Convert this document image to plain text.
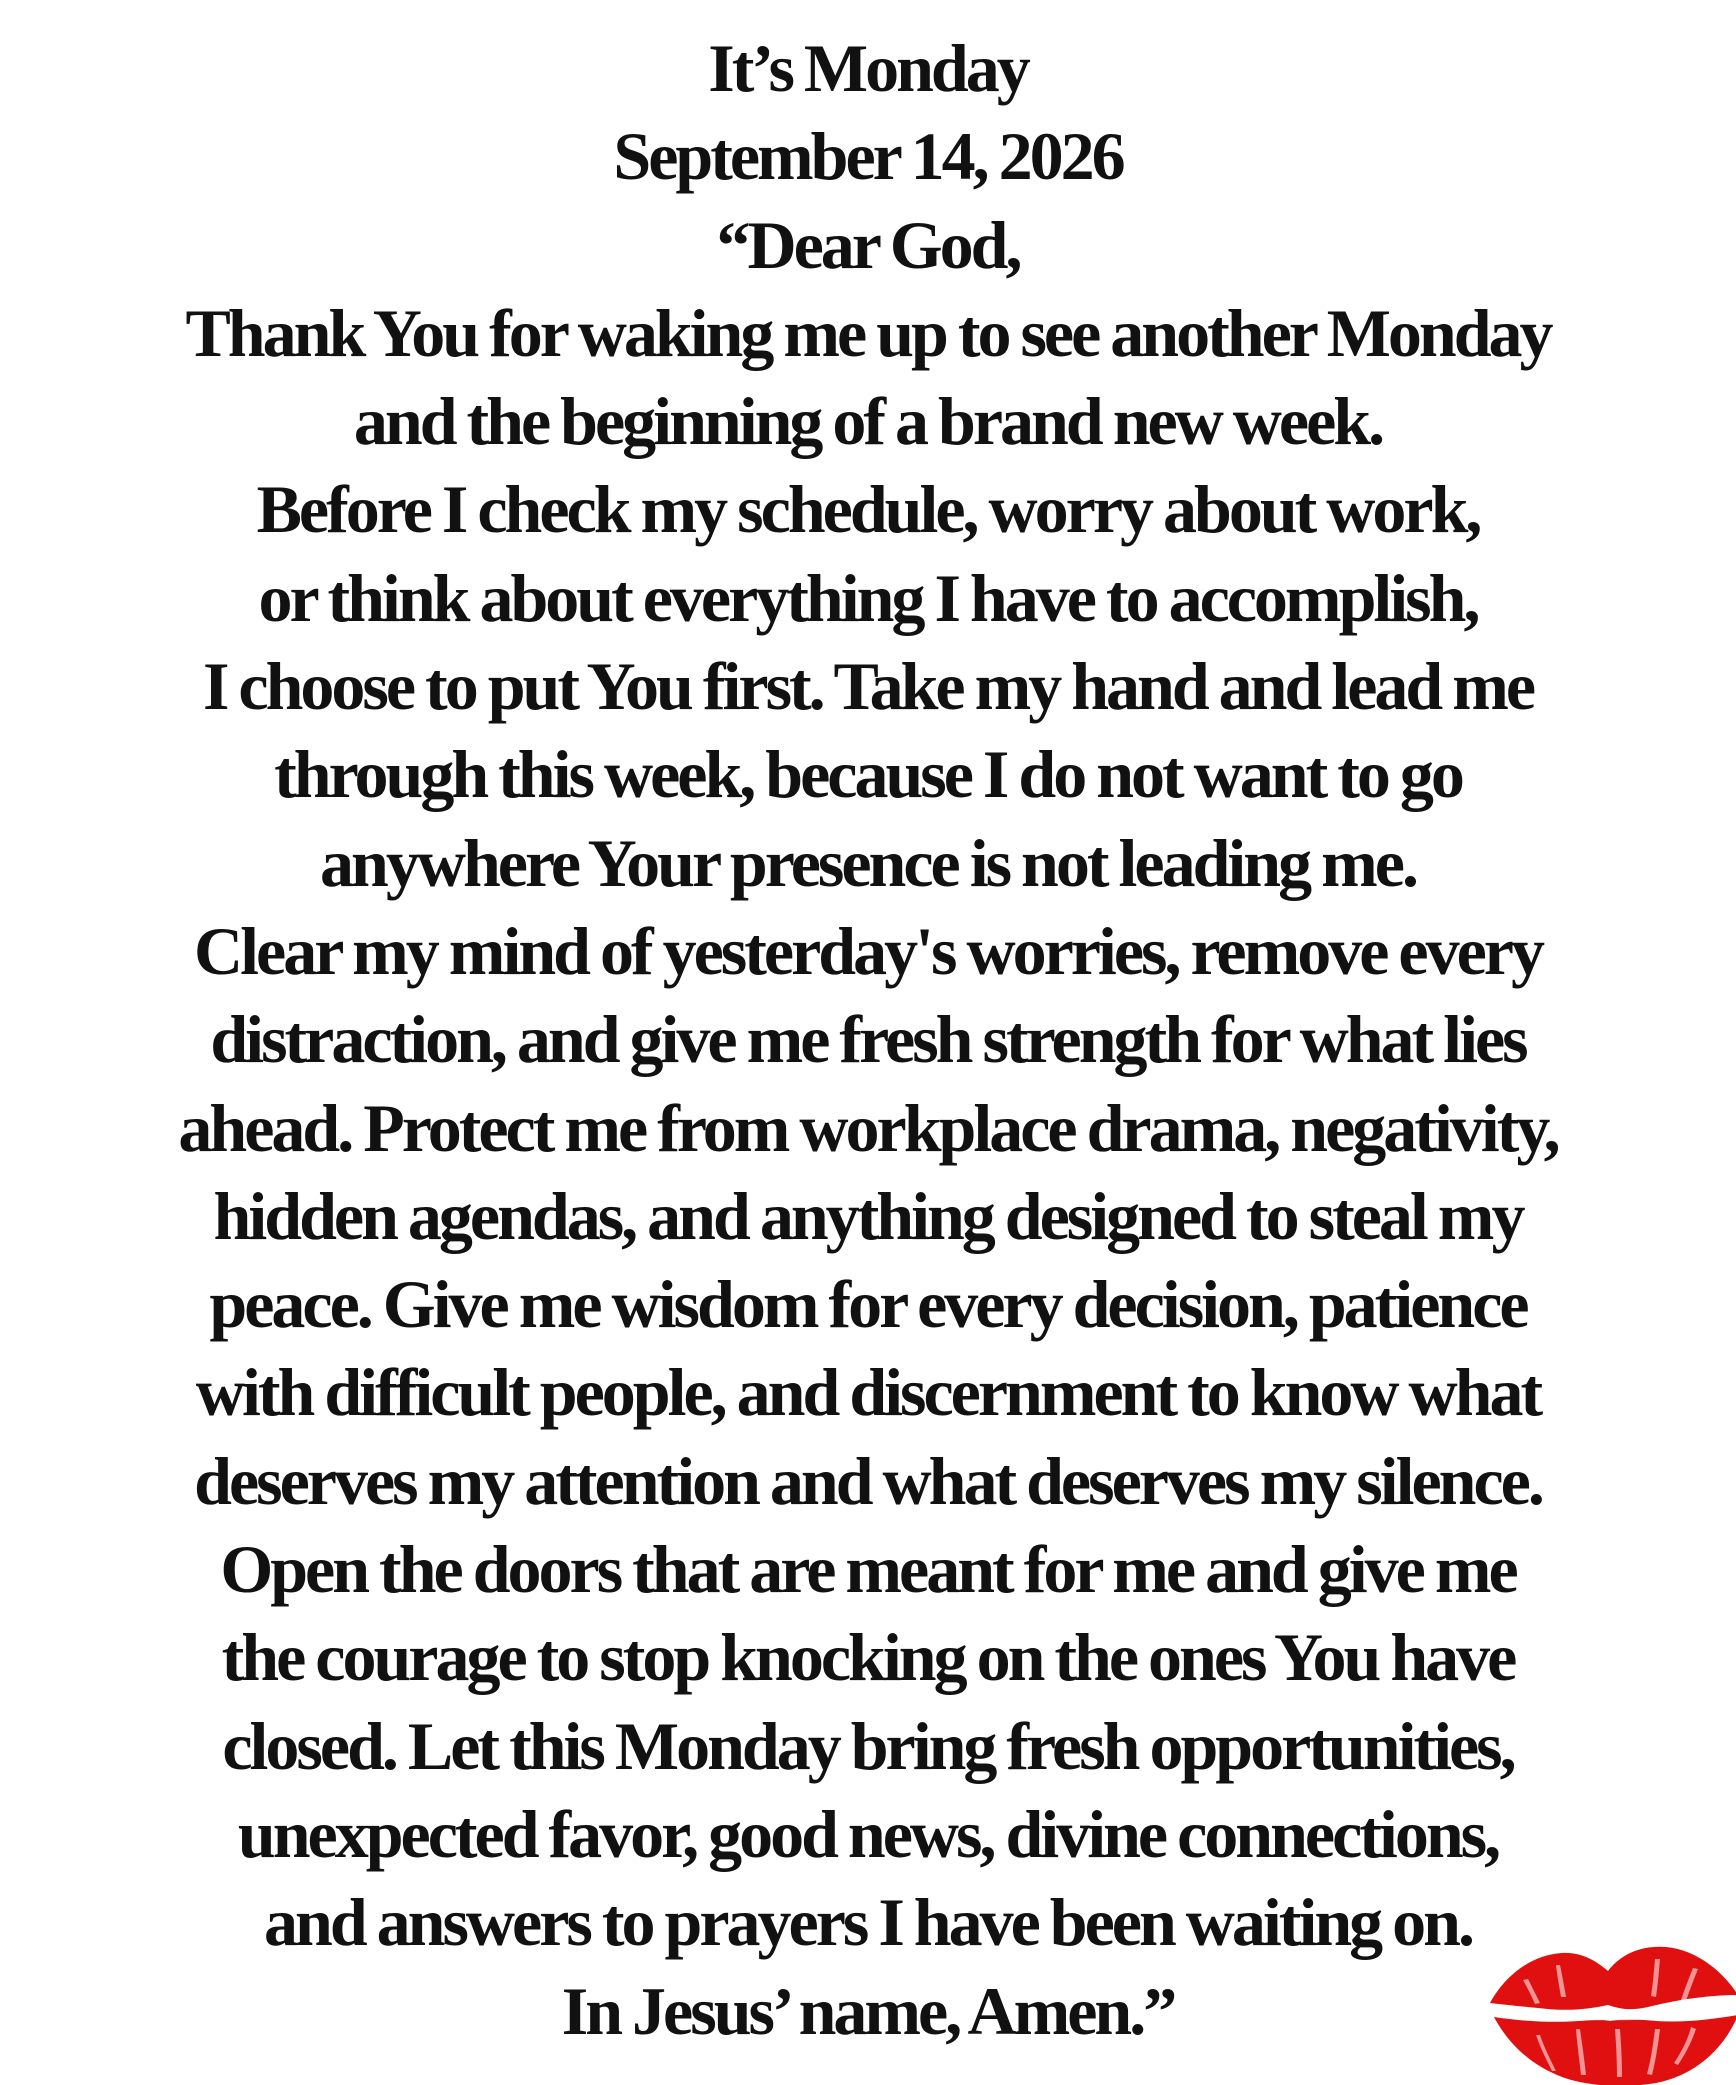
It’s Monday
September 14, 2026
“Dear God,
Thank You for waking me up to see another Monday
and the beginning of a brand new week.
Before I check my schedule, worry about work,
or think about everything I have to accomplish,
I choose to put You first. Take my hand and lead me
through this week, because I do not want to go
anywhere Your presence is not leading me.
Clear my mind of yesterday's worries, remove every
distraction, and give me fresh strength for what lies
ahead. Protect me from workplace drama, negativity,
hidden agendas, and anything designed to steal my
peace. Give me wisdom for every decision, patience
with difficult people, and discernment to know what
deserves my attention and what deserves my silence.
Open the doors that are meant for me and give me
the courage to stop knocking on the ones You have
closed. Let this Monday bring fresh opportunities,
unexpected favor, good news, divine connections,
and answers to prayers I have been waiting on.
In Jesus’ name, Amen.”
